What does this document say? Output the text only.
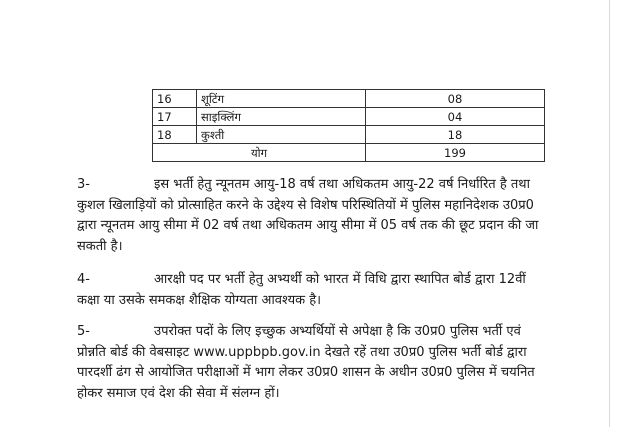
16	शूटिंग	08
17	साइक्लिंग	04
18	कुश्ती	18
योग		199
3-	इस भर्ती हेतु न्यूनतम आयु-18 वर्ष तथा अधिकतम आयु-22 वर्ष निर्धारित है तथा
कुशल खिलाड़ियों को प्रोत्साहित करने के उद्देश्य से विशेष परिस्थितियों में पुलिस महानिदेशक उ0प्र0
द्वारा न्यूनतम आयु सीमा में 02 वर्ष तथा अधिकतम आयु सीमा में 05 वर्ष तक की छूट प्रदान की जा
सकती है।
4-	आरक्षी पद पर भर्ती हेतु अभ्यर्थी को भारत में विधि द्वारा स्थापित बोर्ड द्वारा 12वीं
कक्षा या उसके समकक्ष शैक्षिक योग्यता आवश्यक है।
5-	उपरोक्त पदों के लिए इच्छुक अभ्यर्थियों से अपेक्षा है कि उ0प्र0 पुलिस भर्ती एवं
प्रोन्नति बोर्ड की वेबसाइट www.uppbpb.gov.in देखते रहें तथा उ0प्र0 पुलिस भर्ती बोर्ड द्वारा
पारदर्शी ढंग से आयोजित परीक्षाओं में भाग लेकर उ0प्र0 शासन के अधीन उ0प्र0 पुलिस में चयनित
होकर समाज एवं देश की सेवा में संलग्न हों।
